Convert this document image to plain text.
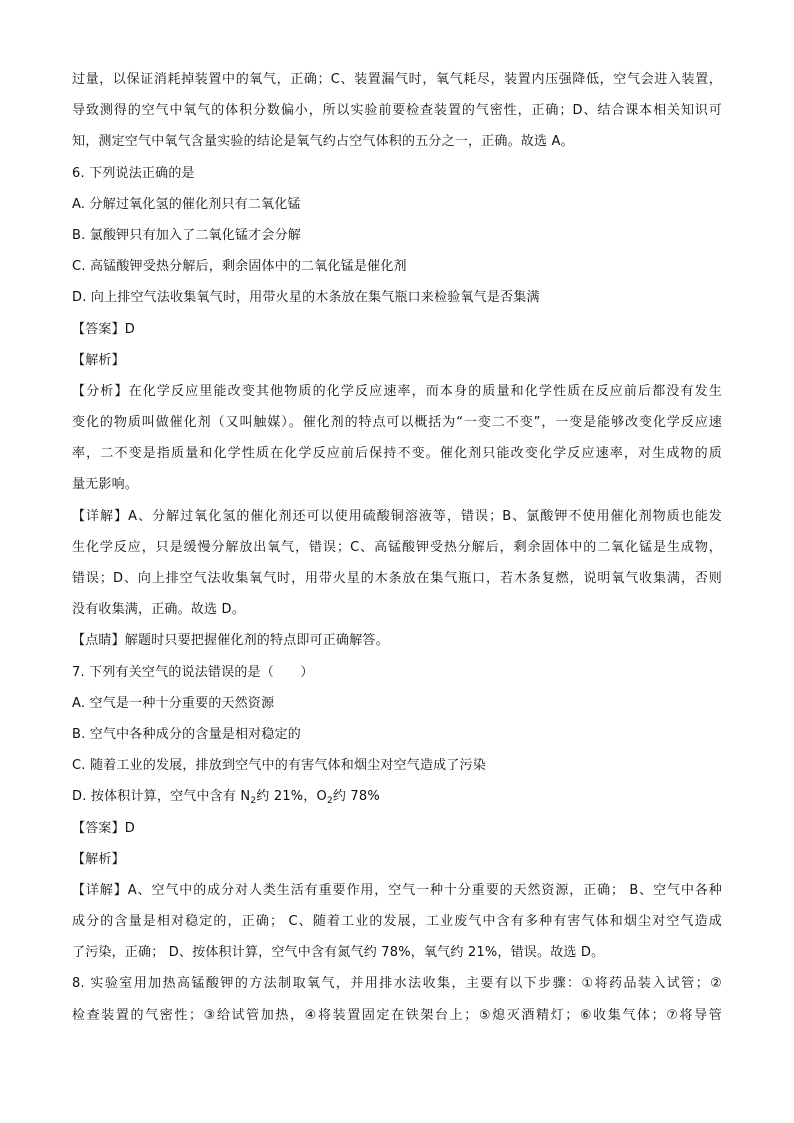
过量，以保证消耗掉装置中的氧气，正确；C、装置漏气时，氧气耗尽，装置内压强降低，空气会进入装置，
导致测得的空气中氧气的体积分数偏小，所以实验前要检查装置的气密性，正确；D、结合课本相关知识可
知，测定空气中氧气含量实验的结论是氧气约占空气体积的五分之一，正确。故选 A。
6. 下列说法正确的是
A. 分解过氧化氢的催化剂只有二氧化锰
B. 氯酸钾只有加入了二氧化锰才会分解
C. 高锰酸钾受热分解后，剩余固体中的二氧化锰是催化剂
D. 向上排空气法收集氧气时，用带火星的木条放在集气瓶口来检验氧气是否集满
【答案】D
【解析】
【分析】在化学反应里能改变其他物质的化学反应速率，而本身的质量和化学性质在反应前后都没有发生
变化的物质叫做催化剂（又叫触媒）。催化剂的特点可以概括为“一变二不变”，一变是能够改变化学反应速
率，二不变是指质量和化学性质在化学反应前后保持不变。催化剂只能改变化学反应速率，对生成物的质
量无影响。
【详解】A、分解过氧化氢的催化剂还可以使用硫酸铜溶液等，错误；B、氯酸钾不使用催化剂物质也能发
生化学反应，只是缓慢分解放出氧气，错误；C、高锰酸钾受热分解后，剩余固体中的二氧化锰是生成物，
错误；D、向上排空气法收集氧气时，用带火星的木条放在集气瓶口，若木条复燃，说明氧气收集满，否则
没有收集满，正确。故选 D。
【点睛】解题时只要把握催化剂的特点即可正确解答。
7. 下列有关空气的说法错误的是（　　）
A. 空气是一种十分重要的天然资源
B. 空气中各种成分的含量是相对稳定的
C. 随着工业的发展，排放到空气中的有害气体和烟尘对空气造成了污染
D. 按体积计算，空气中含有 $N_2$约 21%，$O_2$约 78%
【答案】D
【解析】
【详解】A、空气中的成分对人类生活有重要作用，空气一种十分重要的天然资源，正确； B、空气中各种
成分的含量是相对稳定的，正确； C、随着工业的发展，工业废气中含有多种有害气体和烟尘对空气造成
了污染，正确； D、按体积计算，空气中含有氮气约 78%，氧气约 21%，错误。故选 D。
8. 实验室用加热高锰酸钾的方法制取氧气，并用排水法收集，主要有以下步骤：①将药品装入试管；②
检查装置的气密性；③给试管加热，④将装置固定在铁架台上；⑤熄灭酒精灯；⑥收集气体；⑦将导管
